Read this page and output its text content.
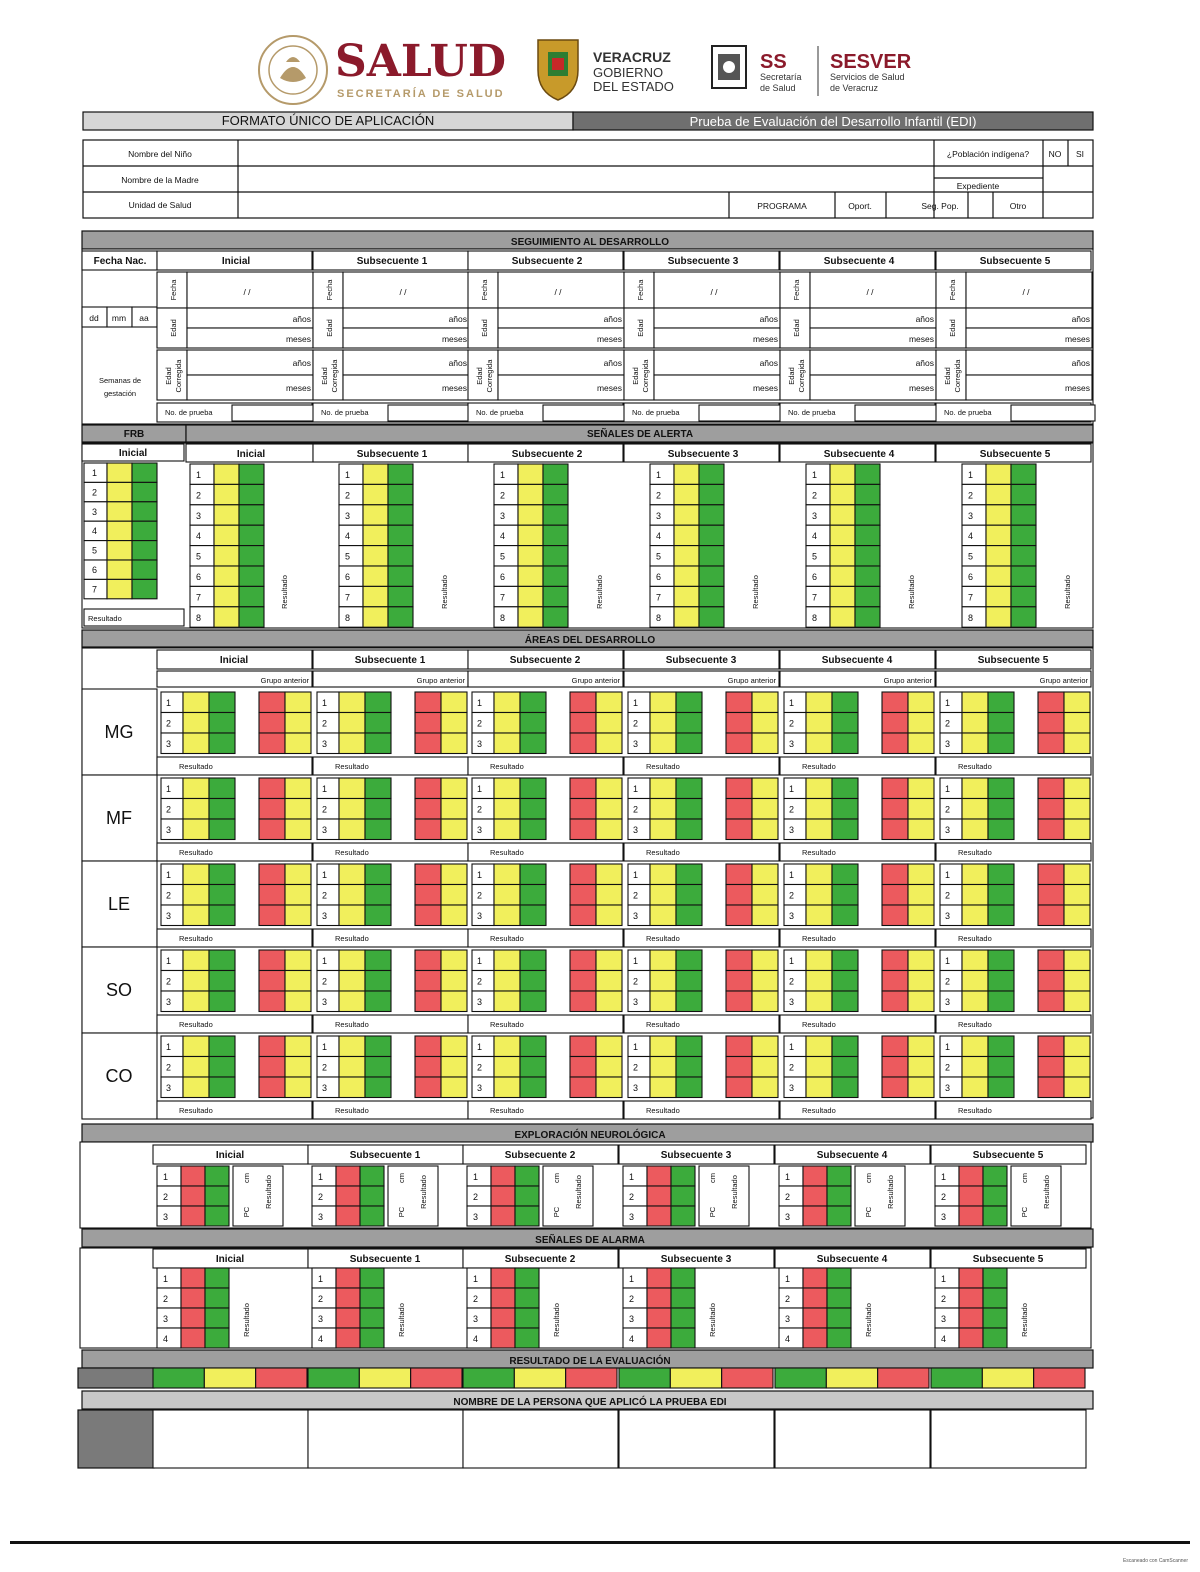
SALUD
SECRETARÍA DE SALUD
VERACRUZ
GOBIERNO
DEL ESTADO
SS
Secretaría
de Salud
SESVER
Servicios de Salud
de Veracruz
FORMATO ÚNICO DE APLICACIÓN	Prueba de Evaluación del Desarrollo Infantil (EDI)
Nombre del Niño
Nombre de la Madre
Unidad de Salud
¿Población indígena? NO SI
Expediente
PROGRAMA	Oport.	Seg. Pop.	Otro
SEGUIMIENTO AL DESARROLLO
Fecha Nac.
dd mm aa
Semanas de
gestación
Inicial
Fecha	/ /
Edad
años
meses
Edad Corregida	años
meses
No. de prueba
Subsecuente 1
Fecha	/ /
Edad
años
meses
Edad Corregida	años
meses
No. de prueba
Subsecuente 2
Fecha	/ /
Edad
años
meses
Edad Corregida	años
meses
No. de prueba
Subsecuente 3
Fecha	/ /
Edad
años
meses
Edad Corregida	años
meses
No. de prueba
Subsecuente 4
Fecha	/ /
Edad
años
meses
Edad Corregida	años
meses
No. de prueba
Subsecuente 5
Fecha	/ /
Edad
años
meses
Edad Corregida	años
meses
No. de prueba
FRB	SEÑALES DE ALERTA
Inicial
1
2
3
4
5
6
7
Resultado
Inicial
1
2
3
4
5
6
7
8
Resultado
Subsecuente 1
1
2
3
4
5
6
7
8
Resultado
Subsecuente 2
1
2
3
4
5
6
7
8
Resultado
Subsecuente 3
1
2
3
4
5
6
7
8
Resultado
Subsecuente 4
1
2
3
4
5
6
7
8
Resultado
Subsecuente 5
1
2
3
4
5
6
7
8
Resultado
ÁREAS DEL DESARROLLO
Inicial
Grupo anterior
Subsecuente 1
Grupo anterior
Subsecuente 2
Grupo anterior
Subsecuente 3
Grupo anterior
Subsecuente 4
Grupo anterior
Subsecuente 5
Grupo anterior
MG
1
2
3
Resultado
1
2
3
Resultado
1
2
3
Resultado
1
2
3
Resultado
1
2
3
Resultado
1
2
3
Resultado
MF
1
2
3
Resultado
1
2
3
Resultado
1
2
3
Resultado
1
2
3
Resultado
1
2
3
Resultado
1
2
3
Resultado
LE
1
2
3
Resultado
1
2
3
Resultado
1
2
3
Resultado
1
2
3
Resultado
1
2
3
Resultado
1
2
3
Resultado
SO
1
2
3
Resultado
1
2
3
Resultado
1
2
3
Resultado
1
2
3
Resultado
1
2
3
Resultado
1
2
3
Resultado
CO
1
2
3
Resultado
1
2
3
Resultado
1
2
3
Resultado
1
2
3
Resultado
1
2
3
Resultado
1
2
3
Resultado
EXPLORACIÓN NEUROLÓGICA
Inicial
1
2
3	PC
cm Resultado
Subsecuente 1
1
2
3	PC
cm Resultado
Subsecuente 2
1
2
3	PC
cm Resultado
Subsecuente 3
1
2
3	PC
cm Resultado
Subsecuente 4
1
2
3	PC
cm Resultado
Subsecuente 5
1
2
3	PC
cm Resultado
SEÑALES DE ALARMA
Inicial
1
2
3
4
Resultado
Subsecuente 1
1
2
3
4
Resultado
Subsecuente 2
1
2
3
4
Resultado
Subsecuente 3
1
2
3
4
Resultado
Subsecuente 4
1
2
3
4
Resultado
Subsecuente 5
1
2
3
4
Resultado
RESULTADO DE LA EVALUACIÓN
NOMBRE DE LA PERSONA QUE APLICÓ LA PRUEBA EDI
Escaneado con CamScanner
